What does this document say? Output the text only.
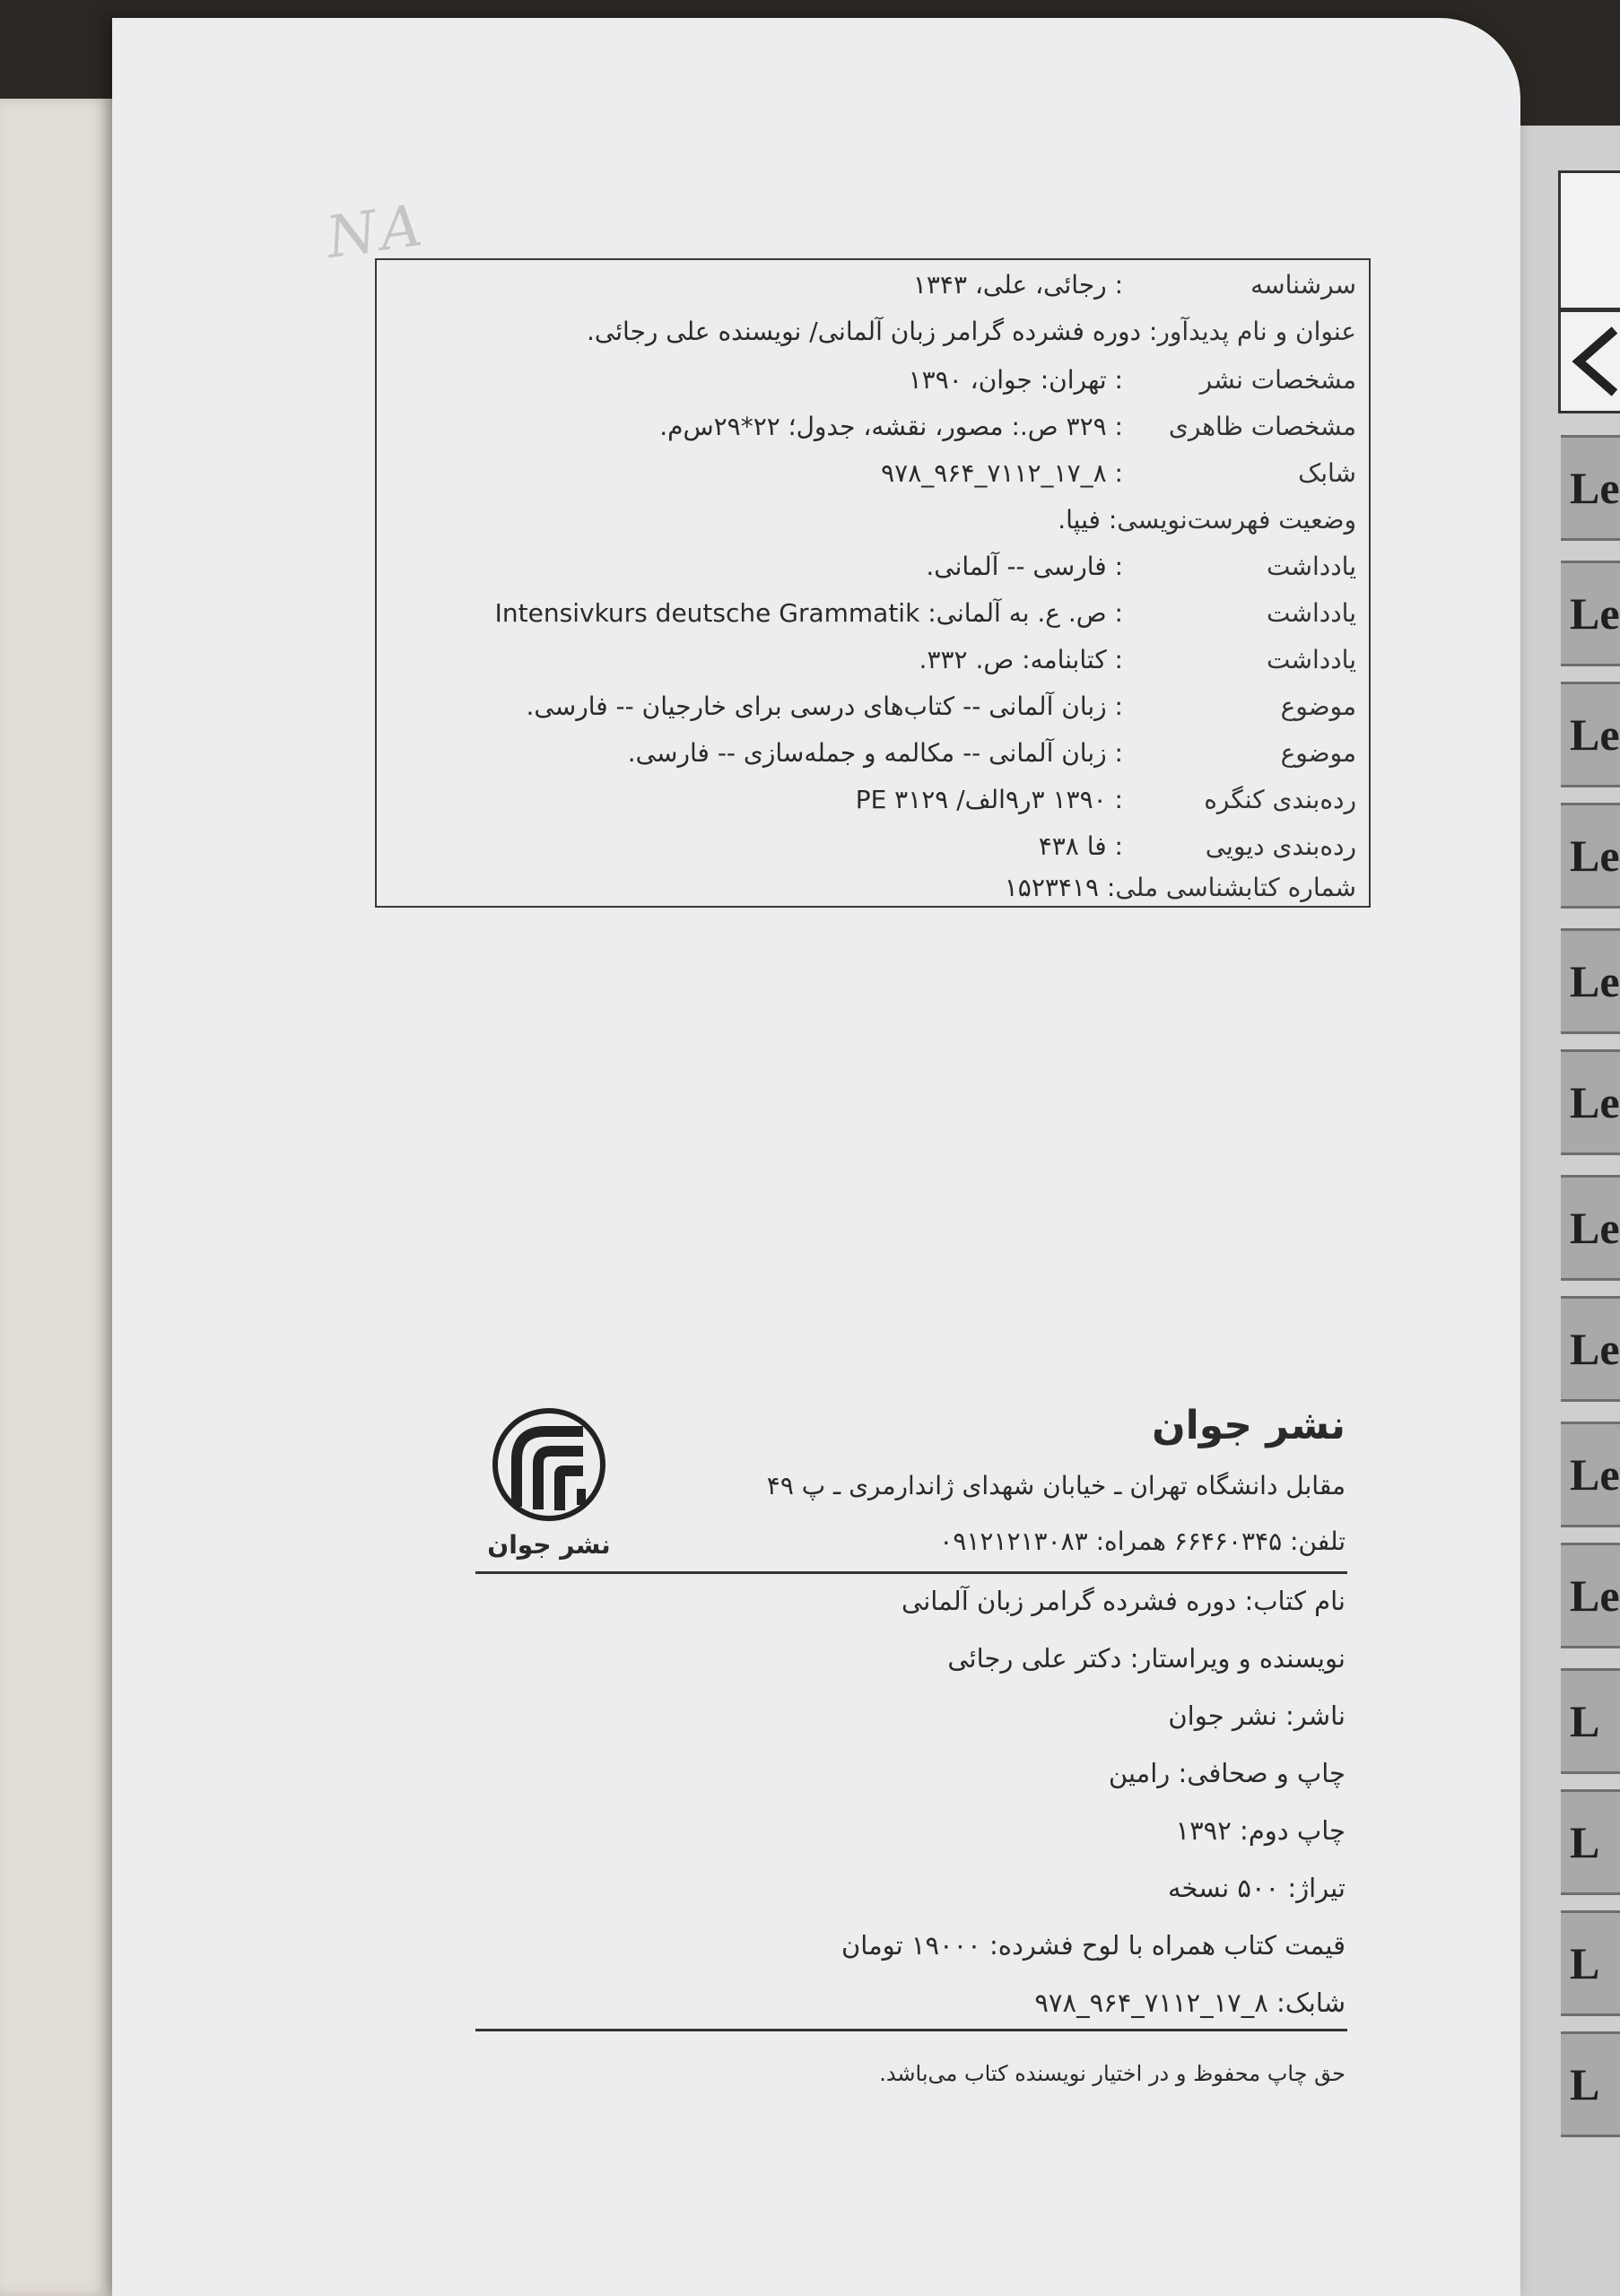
Le
Le
Le
Le
Le
Le
Le
Le
Le
Le
L
L
L
L
NA
سرشناسه
: رجائی، علی، ۱۳۴۳
عنوان و نام پدیدآور
: دوره فشرده گرامر زبان آلمانی/ نویسنده علی رجائی.
مشخصات نشر
: تهران: جوان، ۱۳۹۰
مشخصات ظاهری
: ۳۲۹ ص.: مصور، نقشه، جدول؛ ۲۲*۲۹س‌م.
شابک
: ۸_۱۷_۷۱۱۲_۹۶۴_۹۷۸
وضعیت فهرست‌نویسی
: فیپا.
یادداشت
: فارسی -- آلمانی.
یادداشت
: ص. ع. به آلمانی: Intensivkurs deutsche Grammatik
یادداشت
: کتابنامه: ص. ۳۳۲.
موضوع
: زبان آلمانی -- کتاب‌های درسی برای خارجیان -- فارسی.
موضوع
: زبان آلمانی -- مکالمه و جمله‌سازی -- فارسی.
رده‌بندی کنگره
: ۱۳۹۰ ۳ر۹الف/ ۳۱۲۹ PE
رده‌بندی دیویی
: فا ۴۳۸
شماره کتابشناسی ملی
: ۱۵۲۳۴۱۹
نشر جوان
نشر جوان
مقابل دانشگاه تهران ـ خیابان شهدای ژاندارمری ـ پ ۴۹
تلفن: ۶۶۴۶۰۳۴۵ همراه: ۰۹۱۲۱۲۱۳۰۸۳
نام کتاب: دوره فشرده گرامر زبان آلمانی
نویسنده و ویراستار: دکتر علی رجائی
ناشر: نشر جوان
چاپ و صحافی: رامین
چاپ دوم: ۱۳۹۲
تیراژ: ۵۰۰ نسخه
قیمت کتاب همراه با لوح فشرده: ۱۹۰۰۰ تومان
شابک: ۸_۱۷_۷۱۱۲_۹۶۴_۹۷۸
حق چاپ محفوظ و در اختیار نویسنده کتاب می‌باشد.
